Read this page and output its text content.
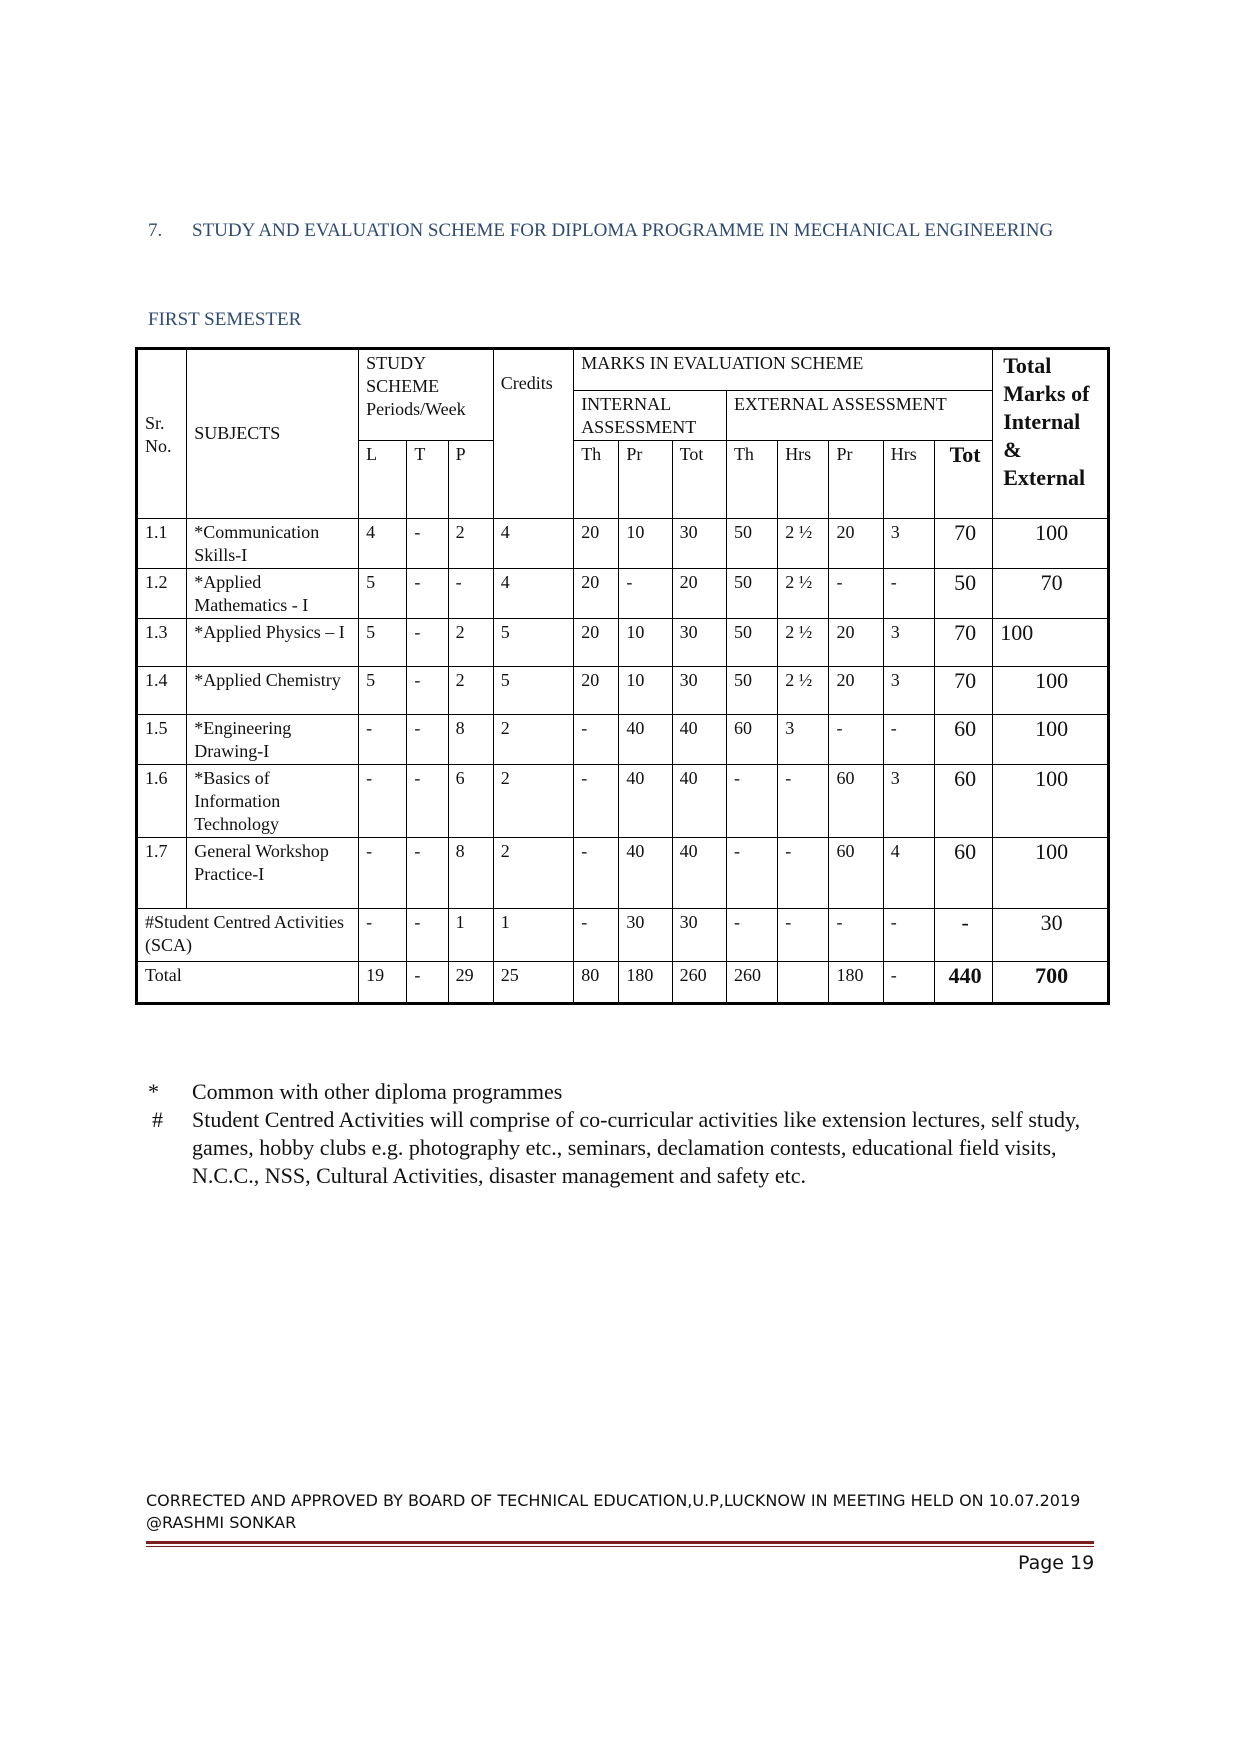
7. STUDY AND EVALUATION SCHEME FOR DIPLOMA PROGRAMME IN MECHANICAL ENGINEERING
FIRST SEMESTER
Sr. No.	SUBJECTS	STUDY SCHEME Periods/Week			Credits	MARKS IN EVALUATION SCHEME								Total Marks of Internal & External
						INTERNAL ASSESSMENT			EXTERNAL ASSESSMENT					
		L	T	P		Th	Pr	Tot	Th	Hrs	Pr	Hrs	Tot	
1.1	*Communication Skills-I	4	-	2	4	20	10	30	50	2 ½	20	3	70	100
1.2	*Applied Mathematics - I	5	-	-	4	20	-	20	50	2 ½	-	-	50	70
1.3	*Applied Physics – I	5	-	2	5	20	10	30	50	2 ½	20	3	70	100
1.4	*Applied Chemistry	5	-	2	5	20	10	30	50	2 ½	20	3	70	100
1.5	*Engineering Drawing-I	-	-	8	2	-	40	40	60	3	-	-	60	100
1.6	*Basics of Information Technology	-	-	6	2	-	40	40	-	-	60	3	60	100
1.7	General Workshop Practice-I	-	-	8	2	-	40	40	-	-	60	4	60	100
#Student Centred Activities (SCA)		-	-	1	1	-	30	30	-	-	-	-	-	30
Total		19	-	29	25	80	180	260	260		180	-	440	700
*	Common with other diploma programmes
#	Student Centred Activities will comprise of co-curricular activities like extension lectures, self study, games, hobby clubs e.g. photography etc., seminars, declamation contests, educational field visits, N.C.C., NSS, Cultural Activities, disaster management and safety etc.
CORRECTED AND APPROVED BY BOARD OF TECHNICAL EDUCATION,U.P,LUCKNOW IN MEETING HELD ON 10.07.2019 @RASHMI SONKAR
Page 19
